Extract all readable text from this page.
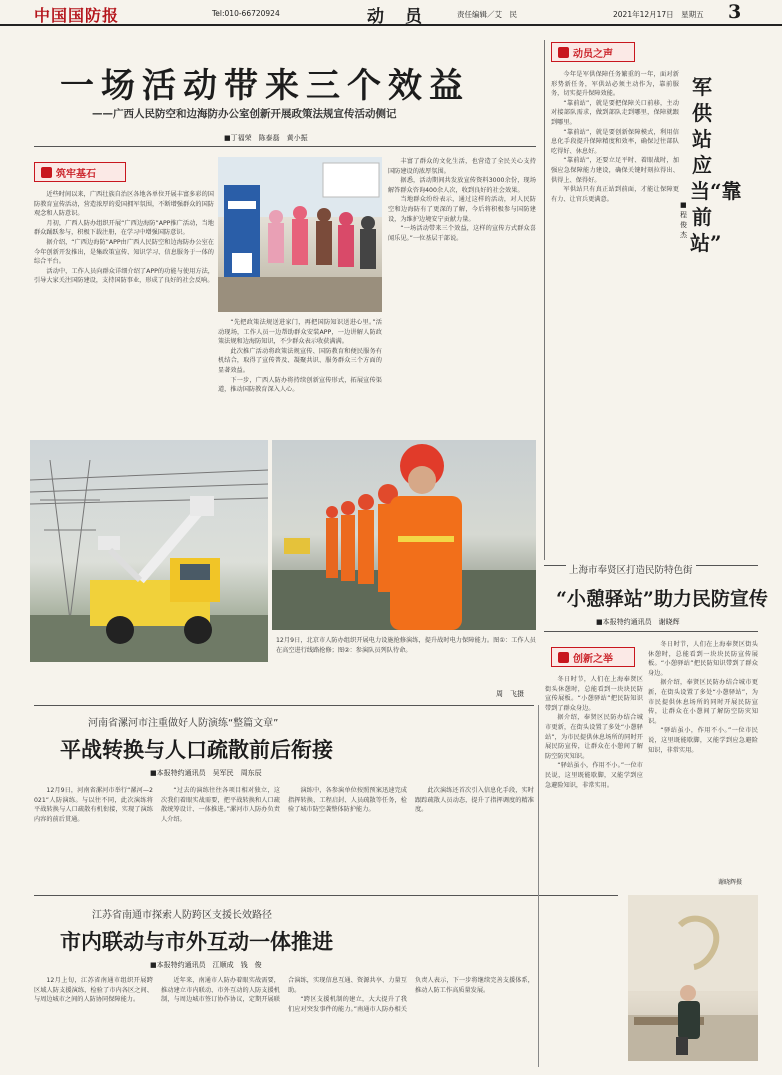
中国国防报	Tel:010-66720924	动　员	责任编辑／艾　民	2021年12月17日　星期五 3
一场活动带来三个效益
——广西人民防空和边海防办公室创新开展政策法规宣传活动侧记
■丁福荣　陈泰磊　黄小振
筑牢基石

近些时间以来，广西壮族自治区各地各单位开展丰富多彩的国防教育宣传活动，营造浓厚的爱国拥军氛围，不断增强群众的国防观念和人防意识。

月初，广西人防办组织开展“广西边海防”APP推广活动，当地群众踊跃参与，积极下载注册，在学习中增强国防意识。

据介绍，“广西边海防”APP由广西人民防空和边海防办公室在今年创新开发推出，是集政策宣传、知识学习、信息服务于一体的综合平台。

活动中，工作人员向群众详细介绍了APP的功能与使用方法，引导大家关注国防建设，支持国防事业，形成了良好的社会反响。

“先把政策法规送进家门，再把国防知识送进心里。”活动现场，工作人员一边帮助群众安装APP，一边讲解人防政策法规和边海防知识，不少群众表示收获满满。

此次推广活动将政策法规宣传、国防教育和便民服务有机结合，取得了宣传普及、凝聚共识、服务群众三个方面的显著效益。

下一步，广西人防办将持续创新宣传形式，拓展宣传渠道，推动国防教育深入人心。

丰富了群众的文化生活，也营造了全民关心支持国防建设的浓厚氛围。

据悉，活动期间共发放宣传资料3000余份，现场解答群众咨询400余人次，收到良好的社会效果。

当地群众纷纷表示，通过这样的活动，对人民防空和边海防有了更深的了解，今后将积极参与国防建设，为维护边境安宁贡献力量。

“一场活动带来三个效益，这样的宣传方式群众喜闻乐见。”一位基层干部说。

动员之声

今年是军供保障任务繁重的一年，面对新形势新任务，军供站必须主动作为，靠前服务，切实提升保障效能。

“靠前站”，就是要把保障关口前移，主动对接部队需求，做到部队走到哪里，保障就跟到哪里。

“靠前站”，就是要创新保障模式，利用信息化手段提升保障精度和效率，确保过往部队吃得好、休息好。

“靠前站”，还要立足平时、着眼战时，加强应急保障能力建设，确保关键时刻拉得出、供得上、保得好。

军供站只有真正站到前面，才能让保障更有力、让官兵更满意。

军供站应当“靠前站”
■程俊杰
12月9日，北京市人防办组织开展电力设施抢修演练，提升战时电力保障能力。图①：工作人员在高空进行线路抢修；图②：参演队员列队待命。
周　飞摄
上海市奉贤区打造民防特色街
“小憩驿站”助力民防宣传
■本报特约通讯员　谢晓辉
创新之举

冬日时节，人们在上海奉贤区街头休憩时，总能看到一块块民防宣传展板。“小憩驿站”把民防知识带到了群众身边。

据介绍，奉贤区民防办结合城市更新，在街头设置了多处“小憩驿站”，为市民提供休息场所的同时开展民防宣传，让群众在小憩间了解防空防灾知识。

“驿站虽小，作用不小。”一位市民说，这里既能歇脚，又能学到应急避险知识，非常实用。

冬日时节，人们在上海奉贤区街头休憩时，总能看到一块块民防宣传展板。“小憩驿站”把民防知识带到了群众身边。

据介绍，奉贤区民防办结合城市更新，在街头设置了多处“小憩驿站”，为市民提供休息场所的同时开展民防宣传，让群众在小憩间了解防空防灾知识。

“驿站虽小，作用不小。”一位市民说，这里既能歇脚，又能学到应急避险知识，非常实用。

谢晓辉摄
河南省漯河市注重做好人防演练“整篇文章”
平战转换与人口疏散前后衔接
■本报特约通讯员　吴军民　周东辰

12月9日，河南省漯河市举行“漯河—2021”人防演练。与以往不同，此次演练将平战转换与人口疏散有机衔接，实现了演练内容的前后贯通。

“过去的演练往往各项目相对独立，这次我们着眼实战需要，把平战转换和人口疏散统筹设计、一体推进。”漯河市人防办负责人介绍。

演练中，各参演单位按照预案迅速完成指挥转换、工程启封、人员疏散等任务，检验了城市防空袭整体防护能力。

此次演练还首次引入信息化手段，实时跟踪疏散人员动态，提升了指挥调度的精准度。

江苏省南通市探索人防跨区支援长效路径
市内联动与市外互动一体推进
■本报特约通讯员　江顺成　钱　俊

12月上旬，江苏省南通市组织开展跨区域人防支援演练，检验了市内各区之间、与周边城市之间的人防协同保障能力。

近年来，南通市人防办着眼实战需要，推动建立市内联动、市外互动的人防支援机制，与周边城市签订协作协议，定期开展联合演练，实现信息互通、资源共享、力量互助。

“跨区支援机制的建立，大大提升了我们应对突发事件的能力。”南通市人防办相关负责人表示，下一步将继续完善支援体系，推动人防工作高质量发展。
